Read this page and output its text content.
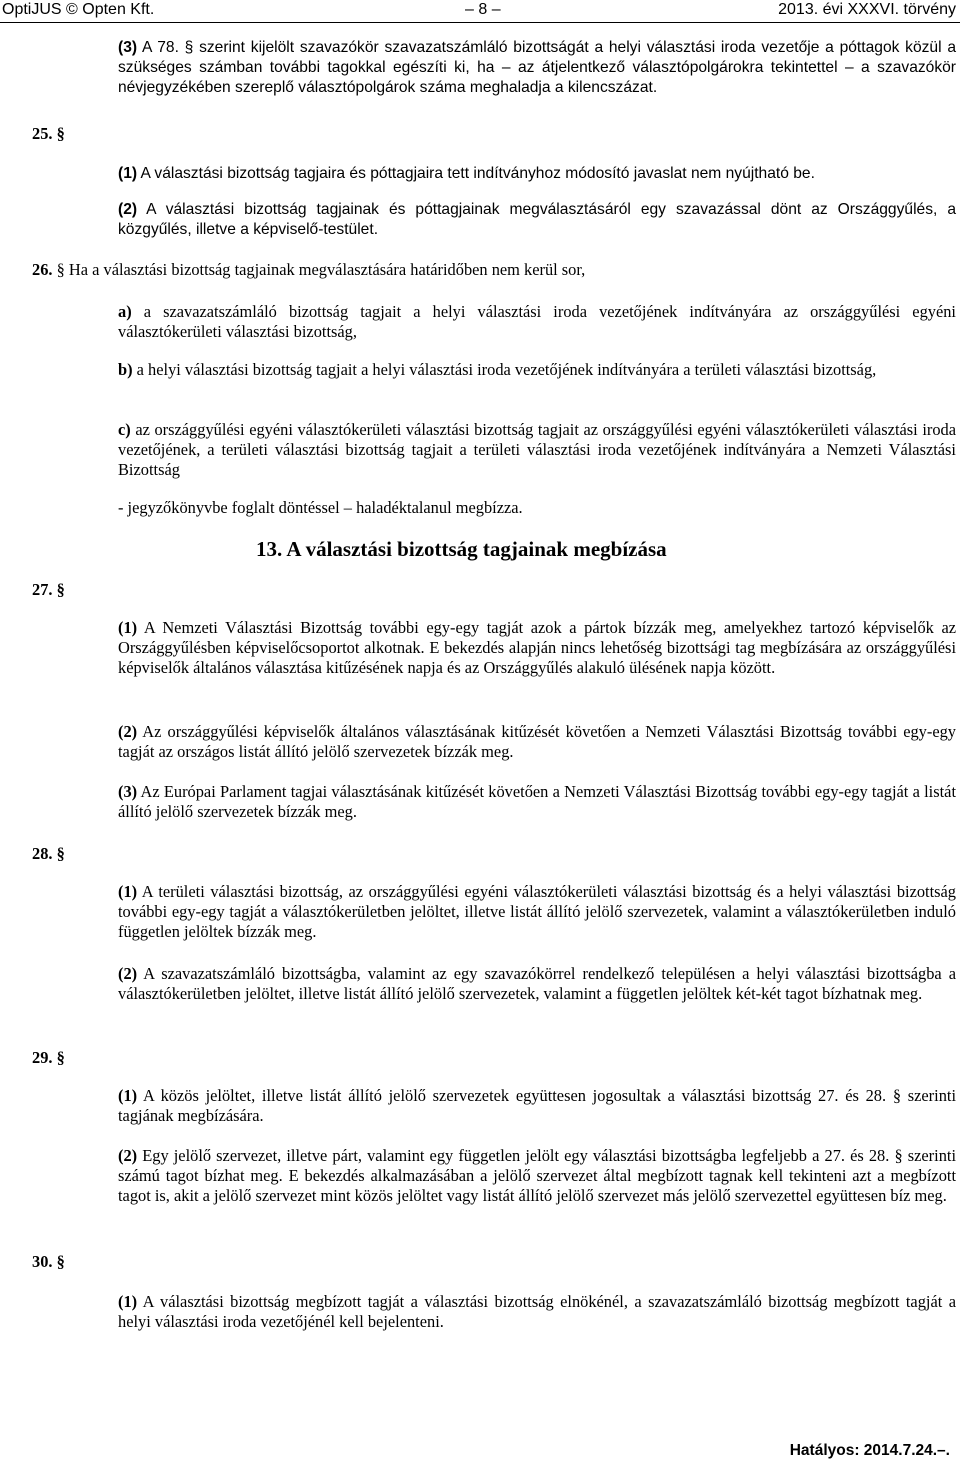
OptiJUS © Opten Kft.	– 8 –	2013. évi XXXVI. törvény
(3) A 78. § szerint kijelölt szavazókör szavazatszámláló bizottságát a helyi választási iroda vezetője a póttagok közül a szükséges számban további tagokkal egészíti ki, ha – az átjelentkező választópolgárokra tekintettel – a szavazókör névjegyzékében szereplő választópolgárok száma meghaladja a kilencszázat.
25. §
(1) A választási bizottság tagjaira és póttagjaira tett indítványhoz módosító javaslat nem nyújtható be.
(2) A választási bizottság tagjainak és póttagjainak megválasztásáról egy szavazással dönt az Országgyűlés, a közgyűlés, illetve a képviselő-testület.
26. § Ha a választási bizottság tagjainak megválasztására határidőben nem kerül sor,
a) a szavazatszámláló bizottság tagjait a helyi választási iroda vezetőjének indítványára az országgyűlési egyéni választókerületi választási bizottság,
b) a helyi választási bizottság tagjait a helyi választási iroda vezetőjének indítványára a területi választási bizottság,
c) az országgyűlési egyéni választókerületi választási bizottság tagjait az országgyűlési egyéni választókerületi választási iroda vezetőjének, a területi választási bizottság tagjait a területi választási iroda vezetőjének indítványára a Nemzeti Választási Bizottság
- jegyzőkönyvbe foglalt döntéssel – haladéktalanul megbízza.
13. A választási bizottság tagjainak megbízása
27. §
(1) A Nemzeti Választási Bizottság további egy-egy tagját azok a pártok bízzák meg, amelyekhez tartozó képviselők az Országgyűlésben képviselőcsoportot alkotnak. E bekezdés alapján nincs lehetőség bizottsági tag megbízására az országgyűlési képviselők általános választása kitűzésének napja és az Országgyűlés alakuló ülésének napja között.
(2) Az országgyűlési képviselők általános választásának kitűzését követően a Nemzeti Választási Bizottság további egy-egy tagját az országos listát állító jelölő szervezetek bízzák meg.
(3) Az Európai Parlament tagjai választásának kitűzését követően a Nemzeti Választási Bizottság további egy-egy tagját a listát állító jelölő szervezetek bízzák meg.
28. §
(1) A területi választási bizottság, az országgyűlési egyéni választókerületi választási bizottság és a helyi választási bizottság további egy-egy tagját a választókerületben jelöltet, illetve listát állító jelölő szervezetek, valamint a választókerületben induló független jelöltek bízzák meg.
(2) A szavazatszámláló bizottságba, valamint az egy szavazókörrel rendelkező településen a helyi választási bizottságba a választókerületben jelöltet, illetve listát állító jelölő szervezetek, valamint a független jelöltek két-két tagot bízhatnak meg.
29. §
(1) A közös jelöltet, illetve listát állító jelölő szervezetek együttesen jogosultak a választási bizottság 27. és 28. § szerinti tagjának megbízására.
(2) Egy jelölő szervezet, illetve párt, valamint egy független jelölt egy választási bizottságba legfeljebb a 27. és 28. § szerinti számú tagot bízhat meg. E bekezdés alkalmazásában a jelölő szervezet által megbízott tagnak kell tekinteni azt a megbízott tagot is, akit a jelölő szervezet mint közös jelöltet vagy listát állító jelölő szervezet más jelölő szervezettel együttesen bíz meg.
30. §
(1) A választási bizottság megbízott tagját a választási bizottság elnökénél, a szavazatszámláló bizottság megbízott tagját a helyi választási iroda vezetőjénél kell bejelenteni.
Hatályos: 2014.7.24.–.
